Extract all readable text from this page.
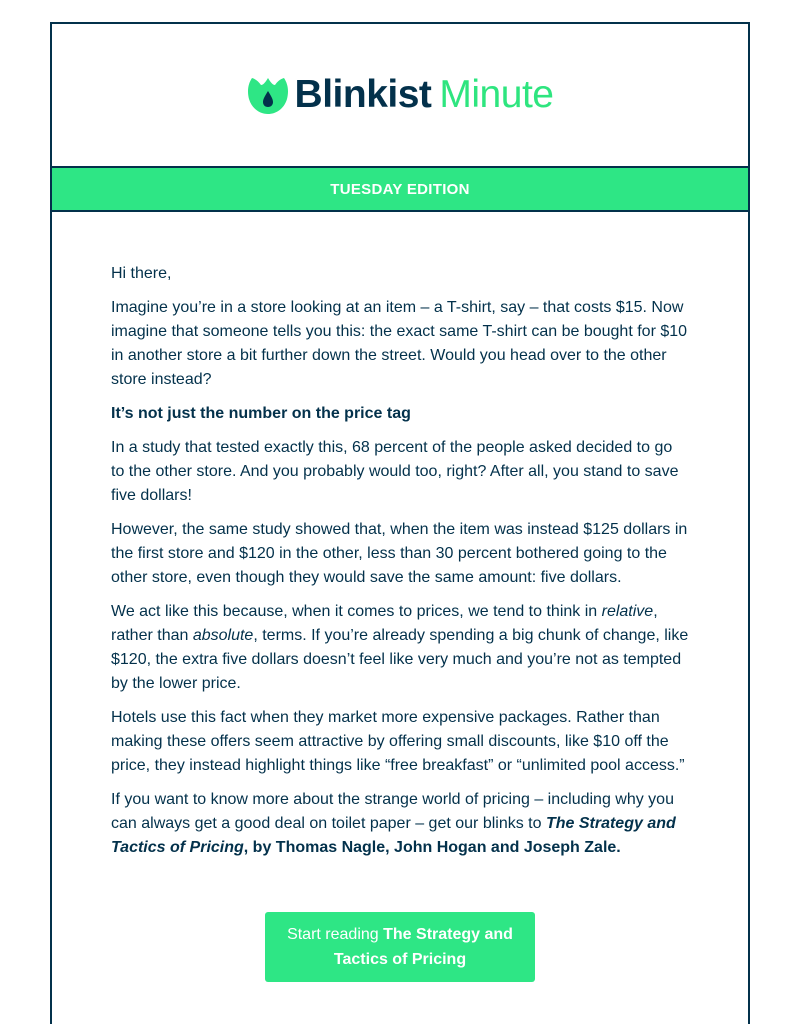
Blinkist Minute
TUESDAY EDITION

Hi there,

Imagine you’re in a store looking at an item – a T-shirt, say – that costs $15. Now imagine that someone tells you this: the exact same T-shirt can be bought for $10 in another store a bit further down the street. Would you head over to the other store instead?

It’s not just the number on the price tag

In a study that tested exactly this, 68 percent of the people asked decided to go to the other store. And you probably would too, right? After all, you stand to save five dollars!

However, the same study showed that, when the item was instead $125 dollars in the first store and $120 in the other, less than 30 percent bothered going to the other store, even though they would save the same amount: five dollars.

We act like this because, when it comes to prices, we tend to think in relative, rather than absolute, terms. If you’re already spending a big chunk of change, like $120, the extra five dollars doesn’t feel like very much and you’re not as tempted by the lower price.

Hotels use this fact when they market more expensive packages. Rather than making these offers seem attractive by offering small discounts, like $10 off the price, they instead highlight things like “free breakfast” or “unlimited pool access.”

If you want to know more about the strange world of pricing – including why you can always get a good deal on toilet paper – get our blinks to The Strategy and Tactics of Pricing, by Thomas Nagle, John Hogan and Joseph Zale.

Start reading The Strategy and Tactics of Pricing
